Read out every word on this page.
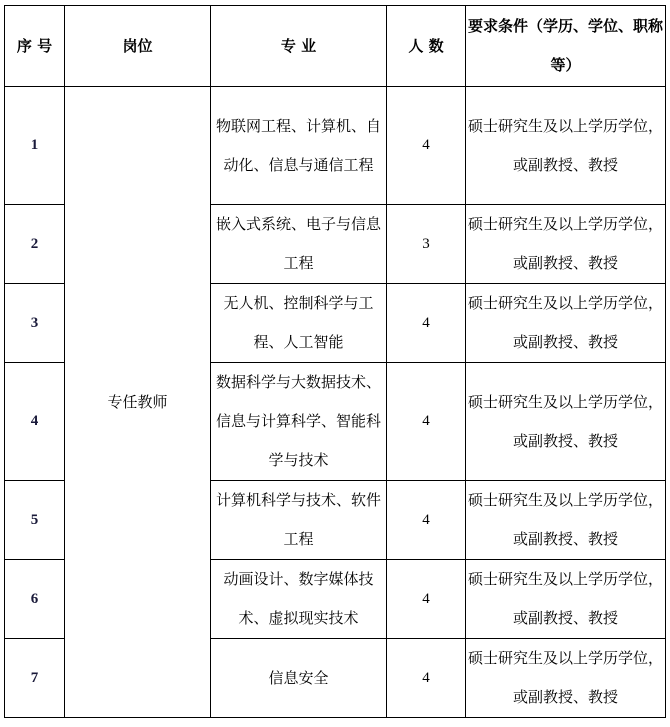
序 号	岗位	专 业	人 数	要求条件（学历、学位、职称等）
1	专任教师	物联网工程、计算机、自动化、信息与通信工程	4	硕士研究生及以上学历学位，或副教授、教授
2		嵌入式系统、电子与信息工程	3	硕士研究生及以上学历学位，或副教授、教授
3		无人机、控制科学与工程、人工智能	4	硕士研究生及以上学历学位，或副教授、教授
4		数据科学与大数据技术、信息与计算科学、智能科学与技术	4	硕士研究生及以上学历学位，或副教授、教授
5		计算机科学与技术、软件工程	4	硕士研究生及以上学历学位，或副教授、教授
6		动画设计、数字媒体技术、虚拟现实技术	4	硕士研究生及以上学历学位，或副教授、教授
7		信息安全	4	硕士研究生及以上学历学位，或副教授、教授
